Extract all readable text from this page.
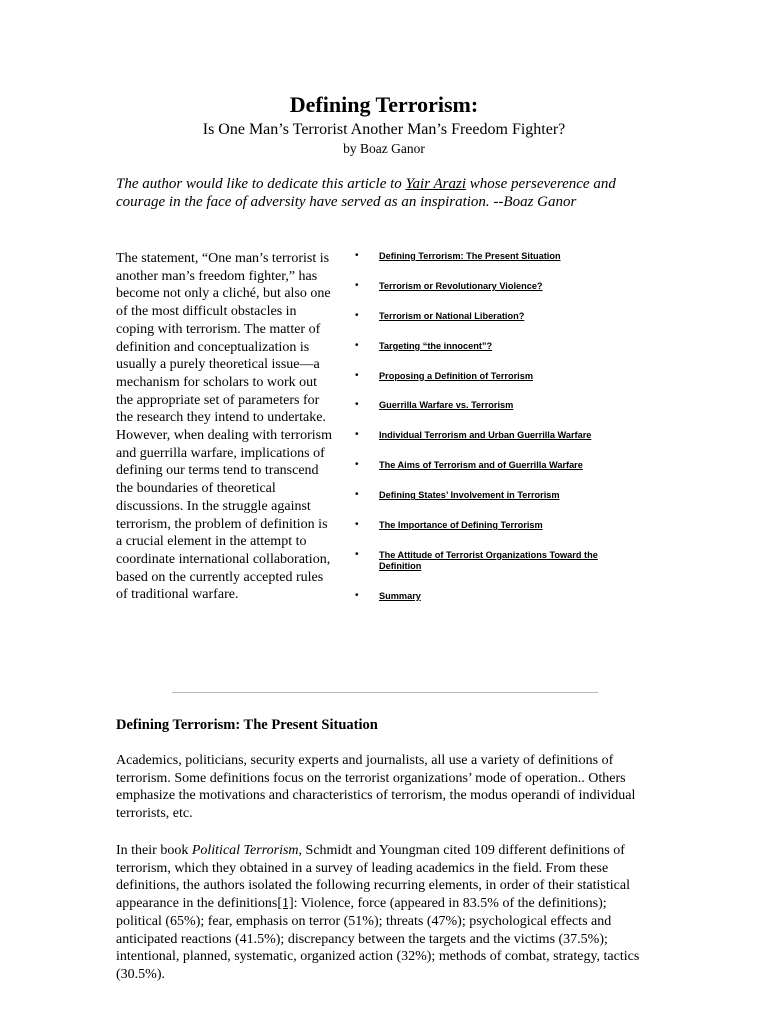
Defining Terrorism:
Is One Man’s Terrorist Another Man’s Freedom Fighter?
by Boaz Ganor
The author would like to dedicate this article to Yair Arazi whose perseverence and courage in the face of adversity have served as an inspiration. --Boaz Ganor
The statement, “One man’s terrorist is another man’s freedom fighter,” has become not only a cliché, but also one of the most difficult obstacles in coping with terrorism. The matter of definition and conceptualization is usually a purely theoretical issue—a mechanism for scholars to work out the appropriate set of parameters for the research they intend to undertake. However, when dealing with terrorism and guerrilla warfare, implications of defining our terms tend to transcend the boundaries of theoretical discussions. In the struggle against terrorism, the problem of definition is a crucial element in the attempt to coordinate international collaboration, based on the currently accepted rules of traditional warfare.
• Defining Terrorism: The Present Situation
• Terrorism or Revolutionary Violence?
• Terrorism or National Liberation?
• Targeting “the innocent”?
• Proposing a Definition of Terrorism
• Guerrilla Warfare vs. Terrorism
• Individual Terrorism and Urban Guerrilla Warfare
• The Aims of Terrorism and of Guerrilla Warfare
• Defining States’ Involvement in Terrorism
• The Importance of Defining Terrorism
• The Attitude of Terrorist Organizations Toward the Definition
• Summary
Defining Terrorism: The Present Situation
Academics, politicians, security experts and journalists, all use a variety of definitions of terrorism. Some definitions focus on the terrorist organizations’ mode of operation.. Others emphasize the motivations and characteristics of terrorism, the modus operandi of individual terrorists, etc.
In their book Political Terrorism, Schmidt and Youngman cited 109 different definitions of terrorism, which they obtained in a survey of leading academics in the field. From these definitions, the authors isolated the following recurring elements, in order of their statistical appearance in the definitions[1]: Violence, force (appeared in 83.5% of the definitions); political (65%); fear, emphasis on terror (51%); threats (47%); psychological effects and anticipated reactions (41.5%); discrepancy between the targets and the victims (37.5%); intentional, planned, systematic, organized action (32%); methods of combat, strategy, tactics (30.5%).
